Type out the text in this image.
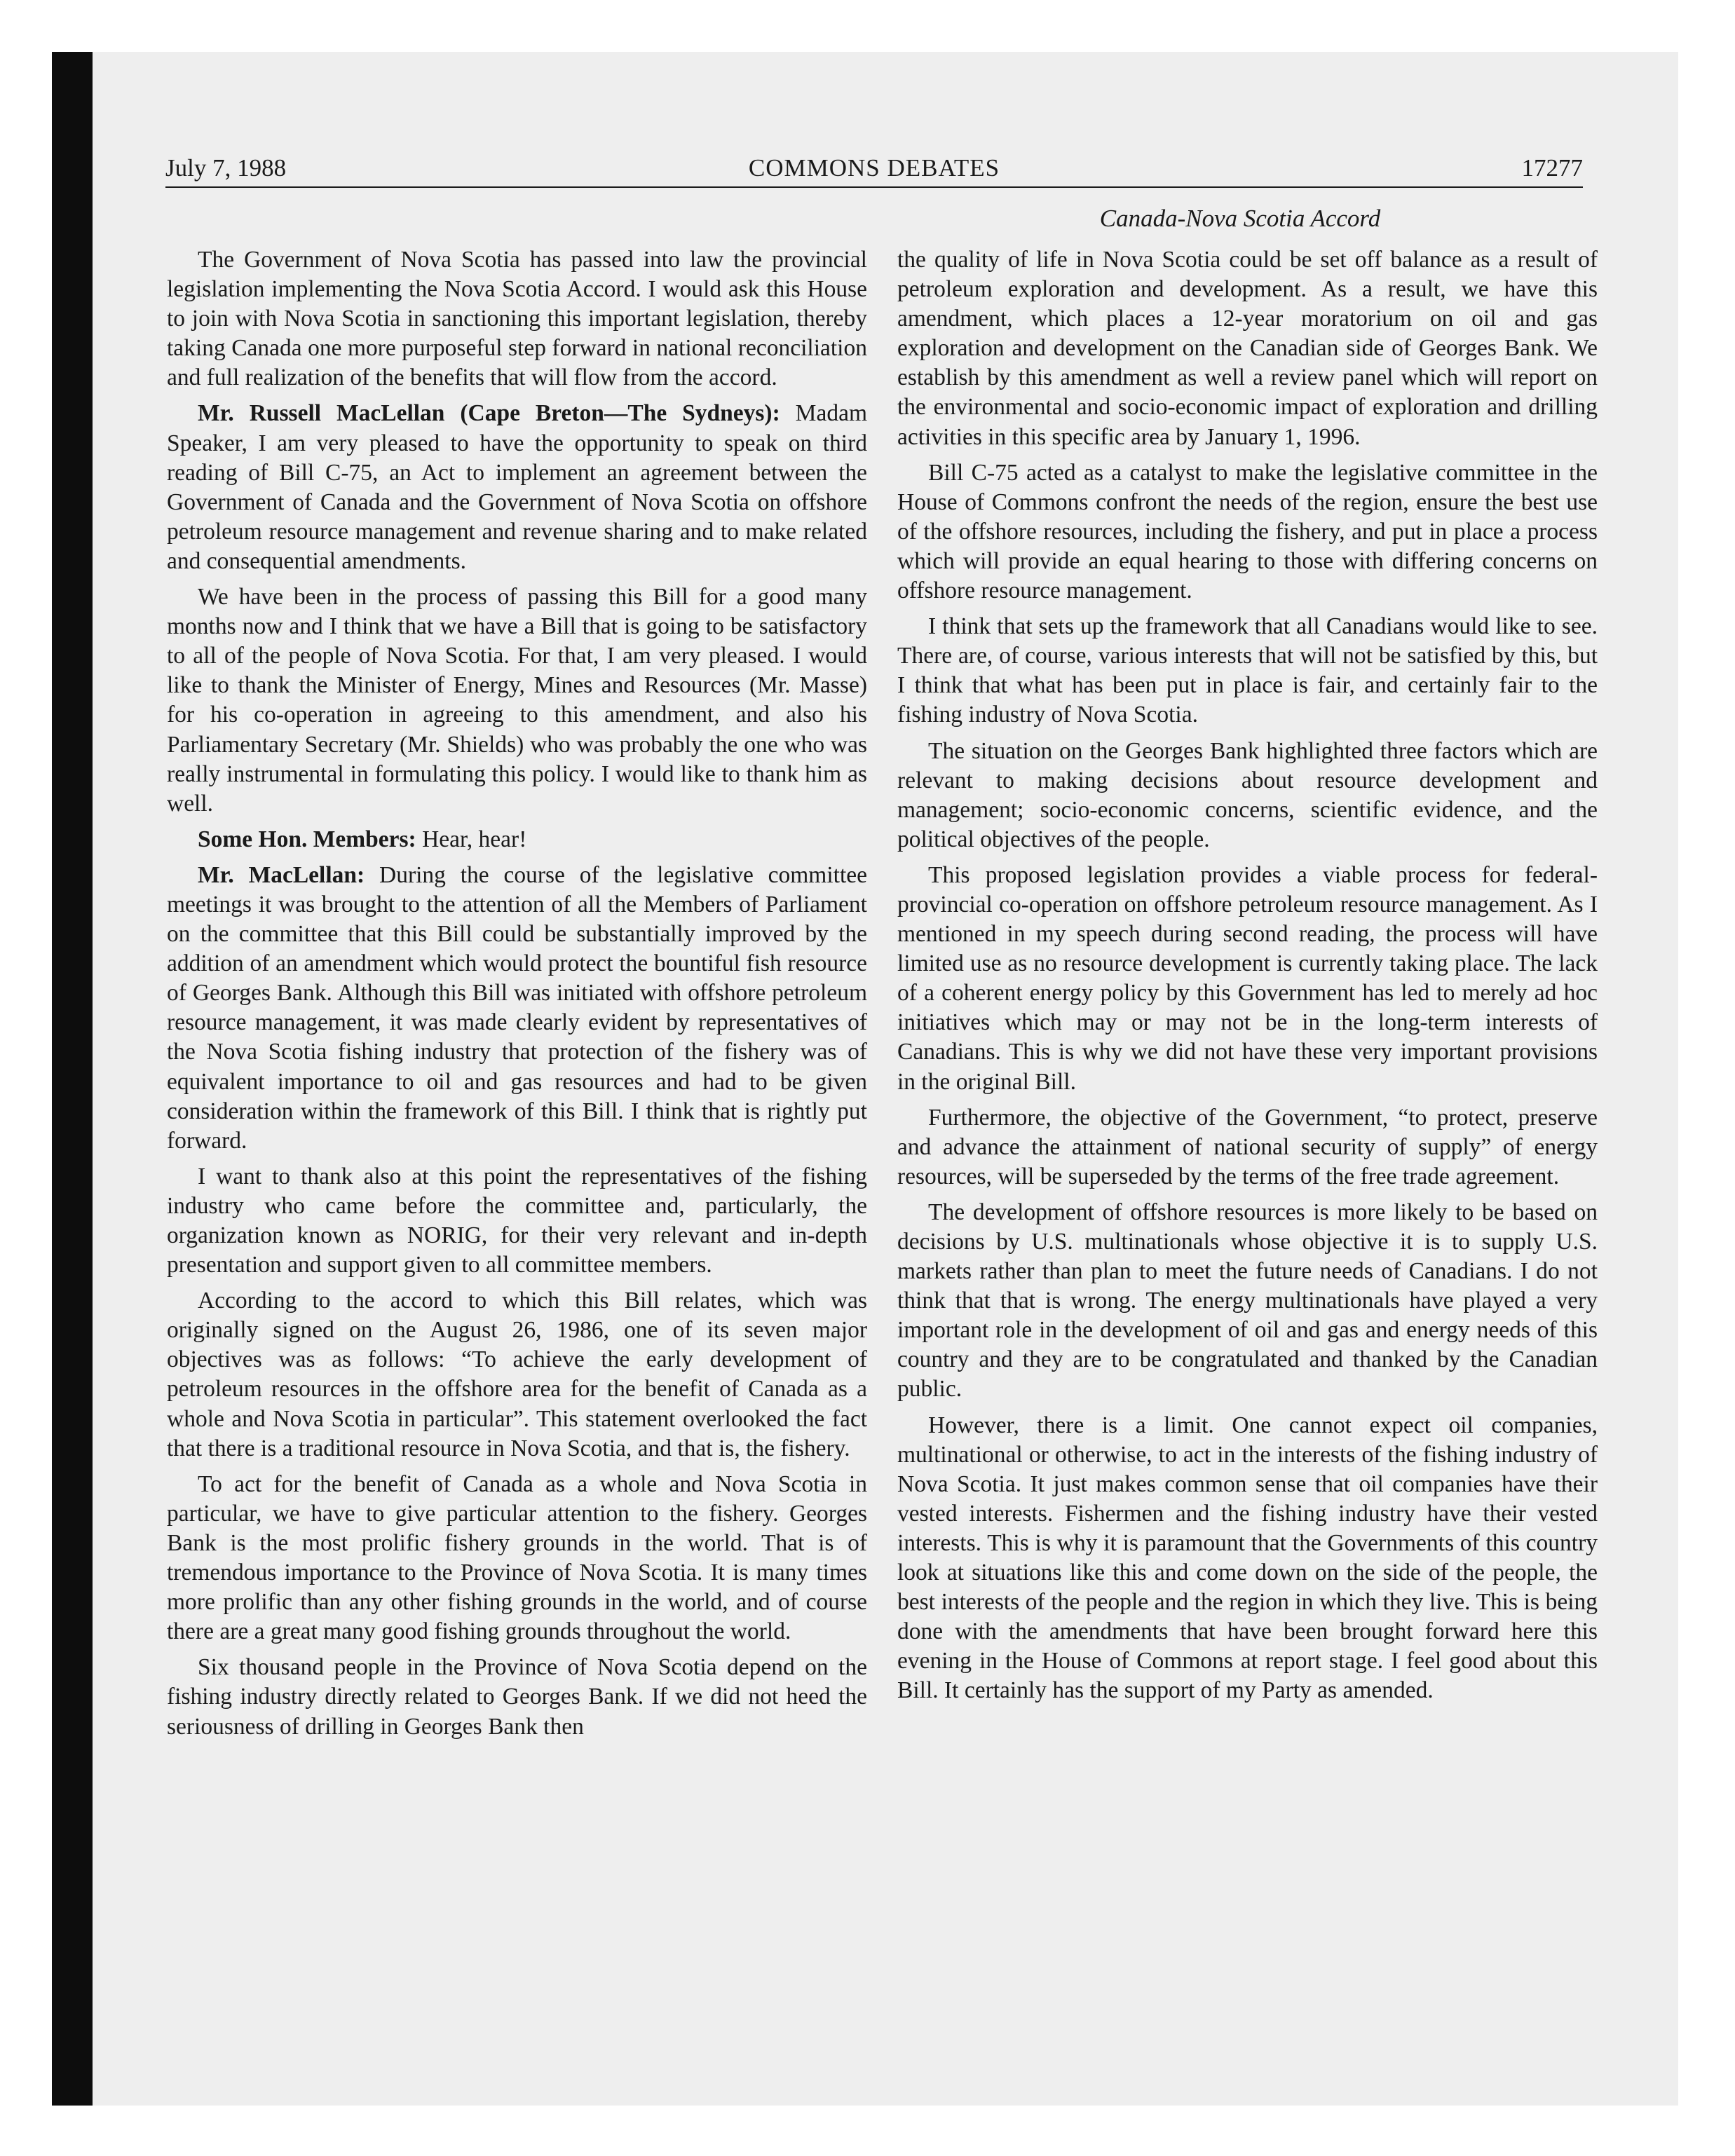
July 7, 1988	COMMONS DEBATES	17277
Canada-Nova Scotia Accord

The Government of Nova Scotia has passed into law the provincial legislation implementing the Nova Scotia Accord. I would ask this House to join with Nova Scotia in sanctioning this important legislation, thereby taking Canada one more purposeful step forward in national reconciliation and full realization of the benefits that will flow from the accord.

Mr. Russell MacLellan (Cape Breton—The Sydneys): Madam Speaker, I am very pleased to have the opportunity to speak on third reading of Bill C-75, an Act to implement an agreement between the Government of Canada and the Government of Nova Scotia on offshore petroleum resource management and revenue sharing and to make related and consequential amendments.

We have been in the process of passing this Bill for a good many months now and I think that we have a Bill that is going to be satisfactory to all of the people of Nova Scotia. For that, I am very pleased. I would like to thank the Minister of Energy, Mines and Resources (Mr. Masse) for his co-operation in agreeing to this amendment, and also his Parliamentary Secretary (Mr. Shields) who was probably the one who was really instrumental in formulating this policy. I would like to thank him as well.

Some Hon. Members: Hear, hear!

Mr. MacLellan: During the course of the legislative committee meetings it was brought to the attention of all the Members of Parliament on the committee that this Bill could be substantially improved by the addition of an amendment which would protect the bountiful fish resource of Georges Bank. Although this Bill was initiated with offshore petroleum resource management, it was made clearly evident by representatives of the Nova Scotia fishing industry that protection of the fishery was of equivalent importance to oil and gas resources and had to be given consideration within the framework of this Bill. I think that is rightly put forward.

I want to thank also at this point the representatives of the fishing industry who came before the committee and, particularly, the organization known as NORIG, for their very relevant and in-depth presentation and support given to all committee members.

According to the accord to which this Bill relates, which was originally signed on the August 26, 1986, one of its seven major objectives was as follows: “To achieve the early development of petroleum resources in the offshore area for the benefit of Canada as a whole and Nova Scotia in particular”. This statement overlooked the fact that there is a traditional resource in Nova Scotia, and that is, the fishery.

To act for the benefit of Canada as a whole and Nova Scotia in particular, we have to give particular attention to the fishery. Georges Bank is the most prolific fishery grounds in the world. That is of tremendous importance to the Province of Nova Scotia. It is many times more prolific than any other fishing grounds in the world, and of course there are a great many good fishing grounds throughout the world.

Six thousand people in the Province of Nova Scotia depend on the fishing industry directly related to Georges Bank. If we did not heed the seriousness of drilling in Georges Bank then

the quality of life in Nova Scotia could be set off balance as a result of petroleum exploration and development. As a result, we have this amendment, which places a 12-year moratorium on oil and gas exploration and development on the Canadian side of Georges Bank. We establish by this amendment as well a review panel which will report on the environmental and socio-economic impact of exploration and drilling activities in this specific area by January 1, 1996.

Bill C-75 acted as a catalyst to make the legislative committee in the House of Commons confront the needs of the region, ensure the best use of the offshore resources, including the fishery, and put in place a process which will provide an equal hearing to those with differing concerns on offshore resource management.

I think that sets up the framework that all Canadians would like to see. There are, of course, various interests that will not be satisfied by this, but I think that what has been put in place is fair, and certainly fair to the fishing industry of Nova Scotia.

The situation on the Georges Bank highlighted three factors which are relevant to making decisions about resource development and management; socio-economic concerns, scientific evidence, and the political objectives of the people.

This proposed legislation provides a viable process for federal-provincial co-operation on offshore petroleum resource management. As I mentioned in my speech during second reading, the process will have limited use as no resource development is currently taking place. The lack of a coherent energy policy by this Government has led to merely ad hoc initiatives which may or may not be in the long-term interests of Canadians. This is why we did not have these very important provisions in the original Bill.

Furthermore, the objective of the Government, “to protect, preserve and advance the attainment of national security of supply” of energy resources, will be superseded by the terms of the free trade agreement.

The development of offshore resources is more likely to be based on decisions by U.S. multinationals whose objective it is to supply U.S. markets rather than plan to meet the future needs of Canadians. I do not think that that is wrong. The energy multinationals have played a very important role in the development of oil and gas and energy needs of this country and they are to be congratulated and thanked by the Canadian public.

However, there is a limit. One cannot expect oil companies, multinational or otherwise, to act in the interests of the fishing industry of Nova Scotia. It just makes common sense that oil companies have their vested interests. Fishermen and the fishing industry have their vested interests. This is why it is paramount that the Governments of this country look at situations like this and come down on the side of the people, the best interests of the people and the region in which they live. This is being done with the amendments that have been brought forward here this evening in the House of Commons at report stage. I feel good about this Bill. It certainly has the support of my Party as amended.
